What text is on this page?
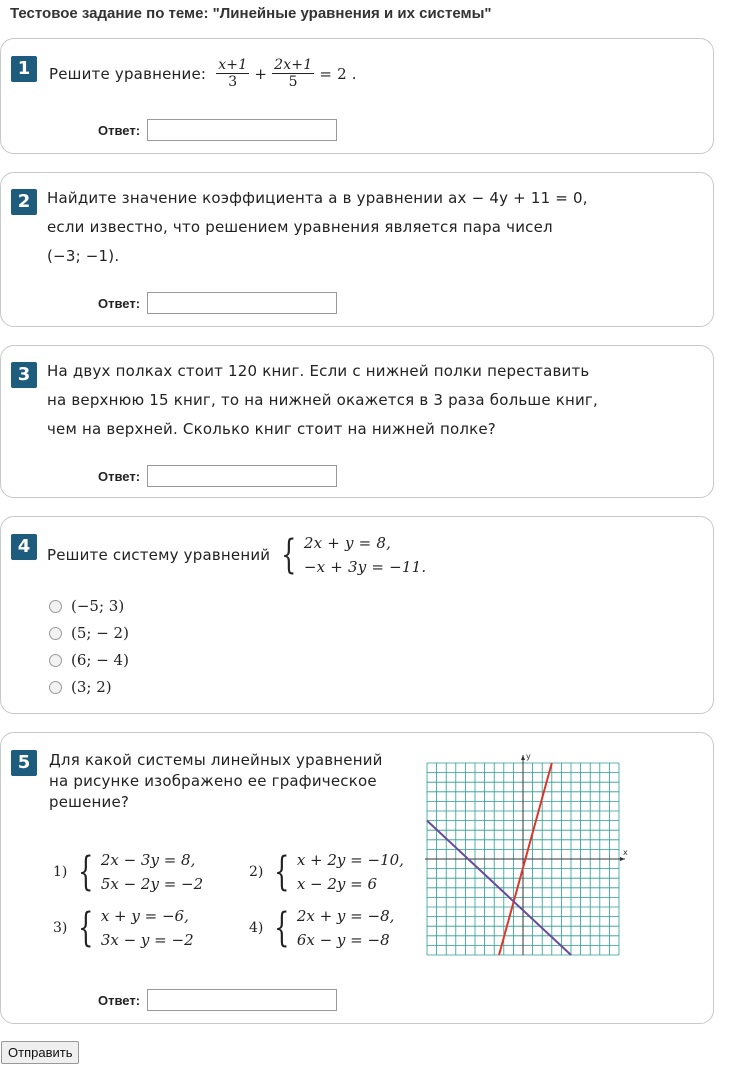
Тестовое задание по теме: "Линейные уравнения и их системы"
1	Решите уравнение: $\frac{x+1}{3} + \frac{2x+1}{5} = 2$ .
Ответ:
2	Найдите значение коэффициента a в уравнении ax − 4y + 11 = 0,
если известно, что решением уравнения является пара чисел
(−3; −1).
Ответ:
3	На двух полках стоит 120 книг. Если с нижней полки переставить
на верхнюю 15 книг, то на нижней окажется в 3 раза больше книг,
чем на верхней. Сколько книг стоит на нижней полке?
Ответ:
4	Решите систему уравнений { 2x + y = 8,
−x + 3y = −11.
(−5; 3)
(5; − 2)
(6; − 4)
(3; 2)
5	Для какой системы линейных уравнений
на рисунке изображено ее графическое
решение?
1) { 2x − 3y = 8,
5x − 2y = −2
2) { x + 2y = −10,
x − 2y = 6
3) { x + y = −6,
3x − y = −2
4) { 2x + y = −8,
6x − y = −8
x
y
Ответ:
Отправить
